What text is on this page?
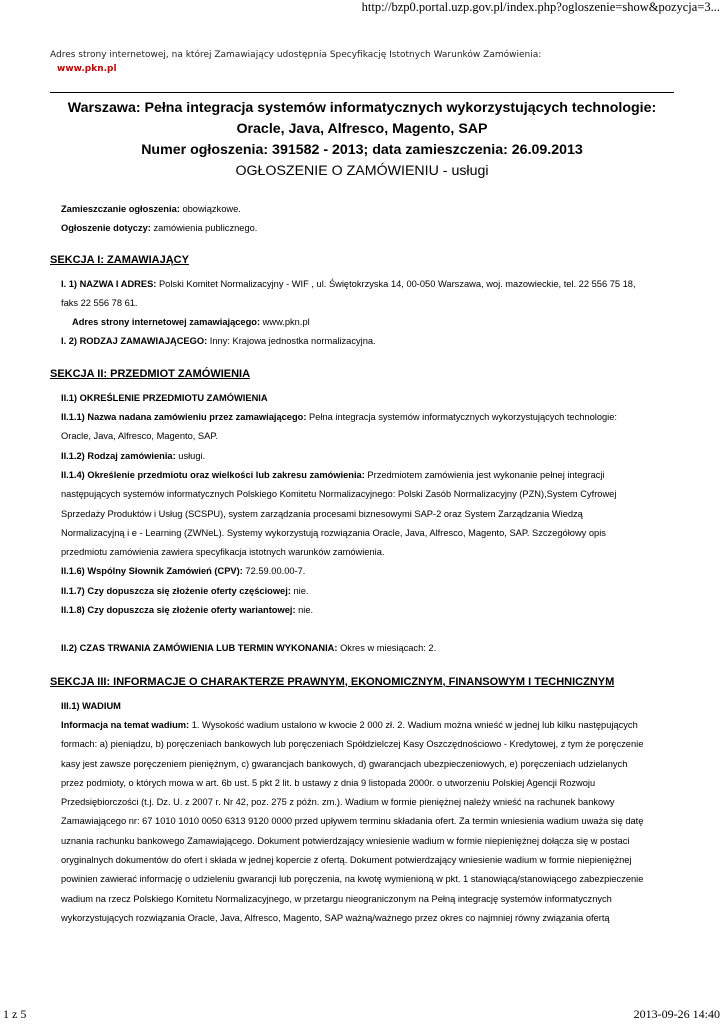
http://bzp0.portal.uzp.gov.pl/index.php?ogloszenie=show&pozycja=3...
Adres strony internetowej, na której Zamawiający udostępnia Specyfikację Istotnych Warunków Zamówienia:
www.pkn.pl
Warszawa: Pełna integracja systemów informatycznych wykorzystujących technologie:
Oracle, Java, Alfresco, Magento, SAP
Numer ogłoszenia: 391582 - 2013; data zamieszczenia: 26.09.2013
OGŁOSZENIE O ZAMÓWIENIU - usługi
Zamieszczanie ogłoszenia: obowiązkowe.
Ogłoszenie dotyczy: zamówienia publicznego.
SEKCJA I: ZAMAWIAJĄCY
I. 1) NAZWA I ADRES: Polski Komitet Normalizacyjny - WIF , ul. Świętokrzyska 14, 00-050 Warszawa, woj. mazowieckie, tel. 22 556 75 18,
faks 22 556 78 61.
Adres strony internetowej zamawiającego: www.pkn.pl
I. 2) RODZAJ ZAMAWIAJĄCEGO: Inny: Krajowa jednostka normalizacyjna.
SEKCJA II: PRZEDMIOT ZAMÓWIENIA
II.1) OKREŚLENIE PRZEDMIOTU ZAMÓWIENIA
II.1.1) Nazwa nadana zamówieniu przez zamawiającego: Pełna integracja systemów informatycznych wykorzystujących technologie:
Oracle, Java, Alfresco, Magento, SAP.
II.1.2) Rodzaj zamówienia: usługi.
II.1.4) Określenie przedmiotu oraz wielkości lub zakresu zamówienia: Przedmiotem zamówienia jest wykonanie pełnej integracji
następujących systemów informatycznych Polskiego Komitetu Normalizacyjnego: Polski Zasób Normalizacyjny (PZN),System Cyfrowej
Sprzedaży Produktów i Usług (SCSPU), system zarządzania procesami biznesowymi SAP-2 oraz System Zarządzania Wiedzą
Normalizacyjną i e - Learning (ZWNeL). Systemy wykorzystują rozwiązania Oracle, Java, Alfresco, Magento, SAP. Szczegółowy opis
przedmiotu zamówienia zawiera specyfikacja istotnych warunków zamówienia.
II.1.6) Wspólny Słownik Zamówień (CPV): 72.59.00.00-7.
II.1.7) Czy dopuszcza się złożenie oferty częściowej: nie.
II.1.8) Czy dopuszcza się złożenie oferty wariantowej: nie.
II.2) CZAS TRWANIA ZAMÓWIENIA LUB TERMIN WYKONANIA: Okres w miesiącach: 2.
SEKCJA III: INFORMACJE O CHARAKTERZE PRAWNYM, EKONOMICZNYM, FINANSOWYM I TECHNICZNYM
III.1) WADIUM
Informacja na temat wadium: 1. Wysokość wadium ustalono w kwocie 2 000 zł. 2. Wadium można wnieść w jednej lub kilku następujących
formach: a) pieniądzu, b) poręczeniach bankowych lub poręczeniach Spółdzielczej Kasy Oszczędnościowo - Kredytowej, z tym że poręczenie
kasy jest zawsze poręczeniem pieniężnym, c) gwarancjach bankowych, d) gwarancjach ubezpieczeniowych, e) poręczeniach udzielanych
przez podmioty, o których mowa w art. 6b ust. 5 pkt 2 lit. b ustawy z dnia 9 listopada 2000r. o utworzeniu Polskiej Agencji Rozwoju
Przedsiębiorczości (t.j. Dz. U. z 2007 r. Nr 42, poz. 275 z późn. zm.). Wadium w formie pieniężnej należy wnieść na rachunek bankowy
Zamawiającego nr: 67 1010 1010 0050 6313 9120 0000 przed upływem terminu składania ofert. Za termin wniesienia wadium uważa się datę
uznania rachunku bankowego Zamawiającego. Dokument potwierdzający wniesienie wadium w formie niepieniężnej dołącza się w postaci
oryginalnych dokumentów do ofert i składa w jednej kopercie z ofertą. Dokument potwierdzający wniesienie wadium w formie niepieniężnej
powinien zawierać informację o udzieleniu gwarancji lub poręczenia, na kwotę wymienioną w pkt. 1 stanowiącą/stanowiącego zabezpieczenie
wadium na rzecz Polskiego Komitetu Normalizacyjnego, w przetargu nieograniczonym na Pełną integrację systemów informatycznych
wykorzystujących rozwiązania Oracle, Java, Alfresco, Magento, SAP ważną/ważnego przez okres co najmniej równy związania ofertą
1 z 5	2013-09-26 14:40
